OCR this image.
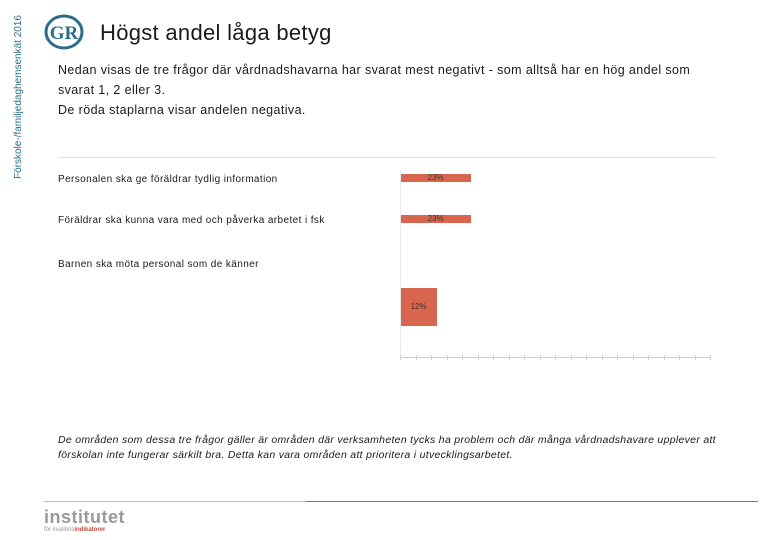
Förskole-/familjedaghemsenkät 2016 GR Högst andel låga betyg

Nedan visas de tre frågor där vårdnadshavarna har svarat mest negativt - som alltså har en hög andel som svarat 1, 2 eller 3.

De röda staplarna visar andelen negativa.

Personalen ska ge föräldrar tydlig information	23%
Föräldrar ska kunna vara med och påverka arbetet i fsk	23%
Barnen ska möta personal som de känner
12%
De områden som dessa tre frågor gäller är områden där verksamheten tycks ha problem och där många vårdnadshavare upplever att förskolan inte fungerar särkilt bra. Detta kan vara områden att prioritera i utvecklingsarbetet.
institutet
för kvalitetsindikatorer
